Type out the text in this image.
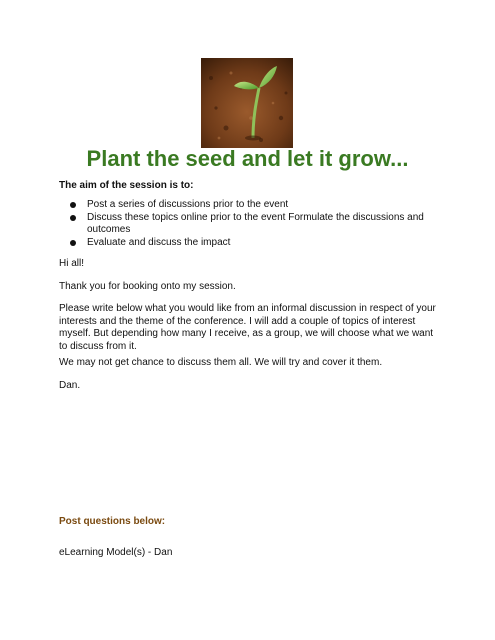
Plant the seed and let it grow...

The aim of the session is to:

Post a series of discussions prior to the event
Discuss these topics online prior to the event Formulate the discussions and outcomes
Evaluate and discuss the impact

Hi all!

Thank you for booking onto my session.

Please write below what you would like from an informal discussion in respect of your interests and the theme of the conference. I will add a couple of topics of interest myself. But depending how many I receive, as a group, we will choose what we want to discuss from it.

We may not get chance to discuss them all. We will try and cover it them.

Dan.

Post questions below:

eLearning Model(s) - Dan
